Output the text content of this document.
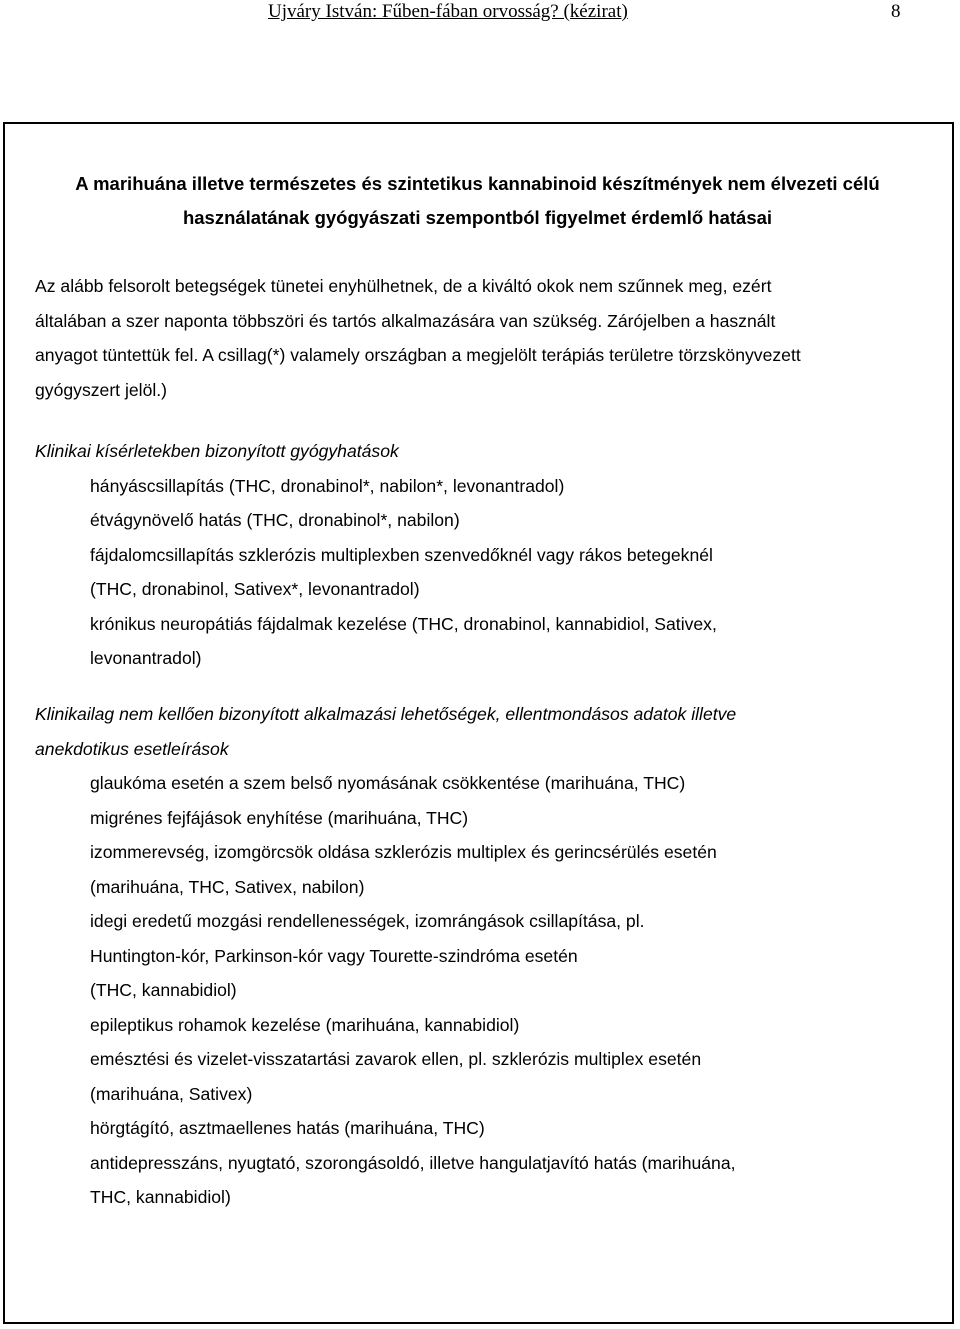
Ujváry István: Fűben-fában orvosság? (kézirat)	8
A marihuána illetve természetes és szintetikus kannabinoid készítmények nem élvezeti célú
használatának gyógyászati szempontból figyelmet érdemlő hatásai

Az alább felsorolt betegségek tünetei enyhülhetnek, de a kiváltó okok nem szűnnek meg, ezért
általában a szer naponta többszöri és tartós alkalmazására van szükség. Zárójelben a használt
anyagot tüntettük fel. A csillag(*) valamely országban a megjelölt terápiás területre törzskönyvezett
gyógyszert jelöl.)

Klinikai kísérletekben bizonyított gyógyhatások

hányáscsillapítás (THC, dronabinol*, nabilon*, levonantradol)
étvágynövelő hatás (THC, dronabinol*, nabilon)
fájdalomcsillapítás szklerózis multiplexben szenvedőknél vagy rákos betegeknél
(THC, dronabinol, Sativex*, levonantradol)
krónikus neuropátiás fájdalmak kezelése (THC, dronabinol, kannabidiol, Sativex,
levonantradol)

Klinikailag nem kellően bizonyított alkalmazási lehetőségek, ellentmondásos adatok illetve
anekdotikus esetleírások

glaukóma esetén a szem belső nyomásának csökkentése (marihuána, THC)
migrénes fejfájások enyhítése (marihuána, THC)
izommerevség, izomgörcsök oldása szklerózis multiplex és gerincsérülés esetén
(marihuána, THC, Sativex, nabilon)
idegi eredetű mozgási rendellenességek, izomrángások csillapítása, pl.
Huntington-kór, Parkinson-kór vagy Tourette-szindróma esetén
(THC, kannabidiol)
epileptikus rohamok kezelése (marihuána, kannabidiol)
emésztési és vizelet-visszatartási zavarok ellen, pl. szklerózis multiplex esetén
(marihuána, Sativex)
hörgtágító, asztmaellenes hatás (marihuána, THC)
antidepresszáns, nyugtató, szorongásoldó, illetve hangulatjavító hatás (marihuána,
THC, kannabidiol)
